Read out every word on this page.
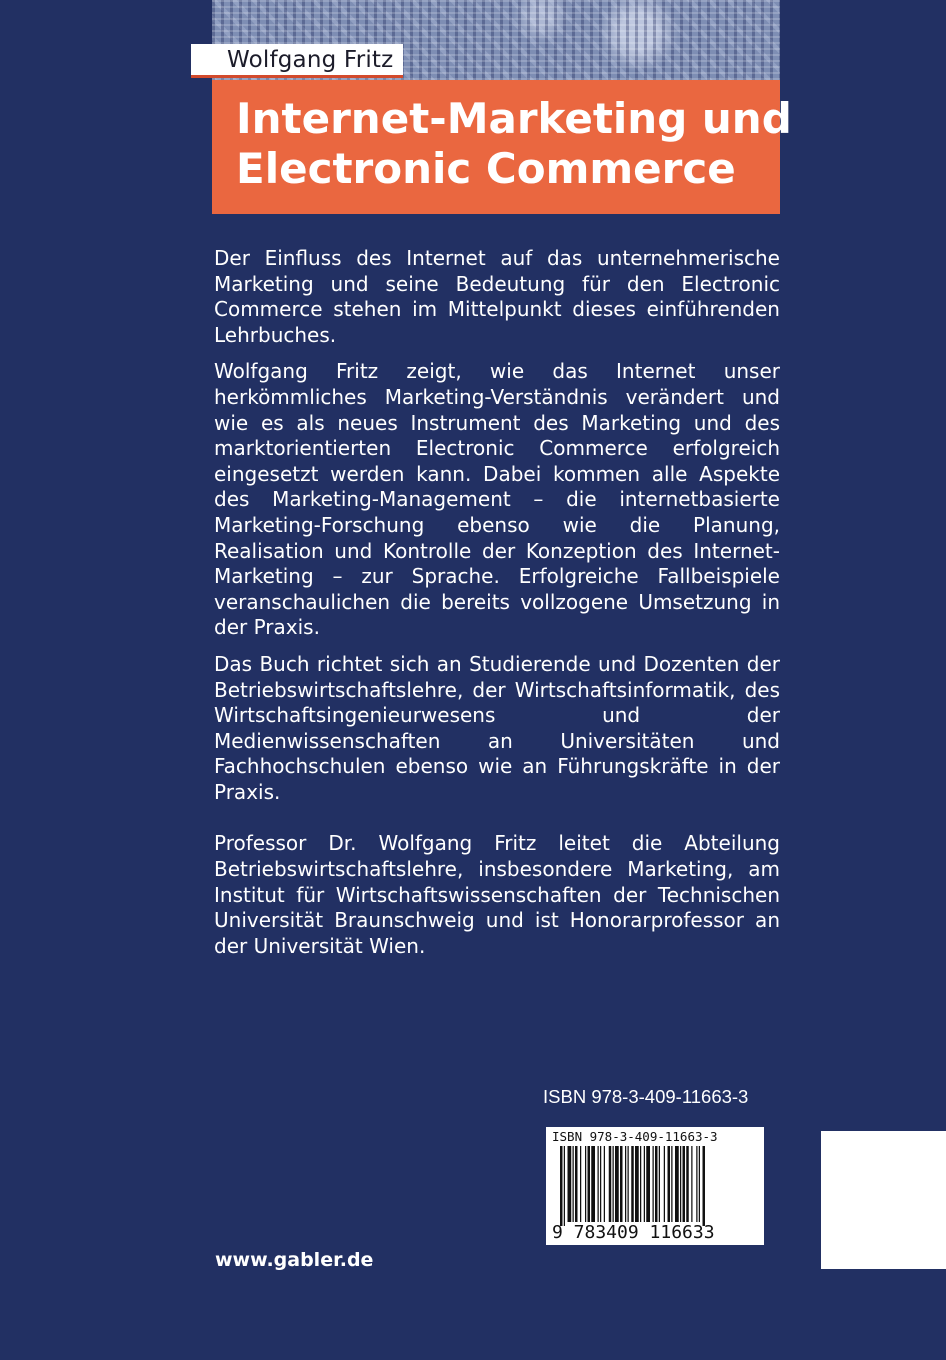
Wolfgang Fritz
Internet-Marketing und
Electronic Commerce

Der Einfluss des Internet auf das unternehmerische Marketing und seine Bedeutung für den Electronic Commerce stehen im Mittelpunkt dieses einführenden Lehrbuches.

Wolfgang Fritz zeigt, wie das Internet unser herkömmliches Marketing-Verständnis verändert und wie es als neues Instrument des Marketing und des marktorientierten Electronic Commerce erfolgreich eingesetzt werden kann. Dabei kommen alle Aspekte des Marketing-Management – die internetbasierte Marketing-Forschung ebenso wie die Planung, Realisation und Kontrolle der Konzeption des Internet-Marketing – zur Sprache. Erfolgreiche Fallbeispiele veranschaulichen die bereits vollzogene Umsetzung in der Praxis.

Das Buch richtet sich an Studierende und Dozenten der Betriebswirtschaftslehre, der Wirtschaftsinformatik, des Wirtschaftsingenieurwesens und der Medienwissenschaften an Universitäten und Fachhochschulen ebenso wie an Führungskräfte in der Praxis.

Professor Dr. Wolfgang Fritz leitet die Abteilung Betriebswirtschaftslehre, insbesondere Marketing, am Institut für Wirtschaftswissenschaften der Technischen Universität Braunschweig und ist Honorarprofessor an der Universität Wien.

ISBN 978-3-409-11663-3
ISBN 978-3-409-11663-3
9 783409 116633
www.gabler.de
